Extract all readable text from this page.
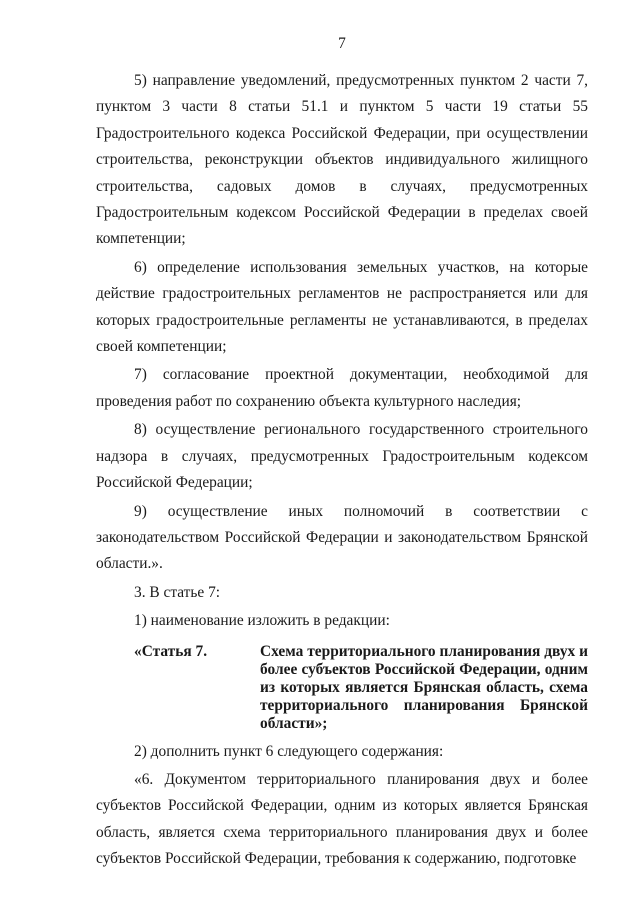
7

5) направление уведомлений, предусмотренных пунктом 2 части 7, пунктом 3 части 8 статьи 51.1 и пунктом 5 части 19 статьи 55 Градостроительного кодекса Российской Федерации, при осуществлении строительства, реконструкции объектов индивидуального жилищного строительства, садовых домов в случаях, предусмотренных Градостроительным кодексом Российской Федерации в пределах своей компетенции;

6) определение использования земельных участков, на которые действие градостроительных регламентов не распространяется или для которых градостроительные регламенты не устанавливаются, в пределах своей компетенции;

7) согласование проектной документации, необходимой для проведения работ по сохранению объекта культурного наследия;

8) осуществление регионального государственного строительного надзора в случаях, предусмотренных Градостроительным кодексом Российской Федерации;

9) осуществление иных полномочий в соответствии с законодательством Российской Федерации и законодательством Брянской области.».

3. В статье 7:

1) наименование изложить в редакции:

«Статья 7.	Схема территориального планирования двух и более субъектов Российской Федерации, одним из которых является Брянская область, схема территориального планирования Брянской области»;

2) дополнить пункт 6 следующего содержания:

«6. Документом территориального планирования двух и более субъектов Российской Федерации, одним из которых является Брянская область, является схема территориального планирования двух и более субъектов Российской Федерации, требования к содержанию, подготовке
